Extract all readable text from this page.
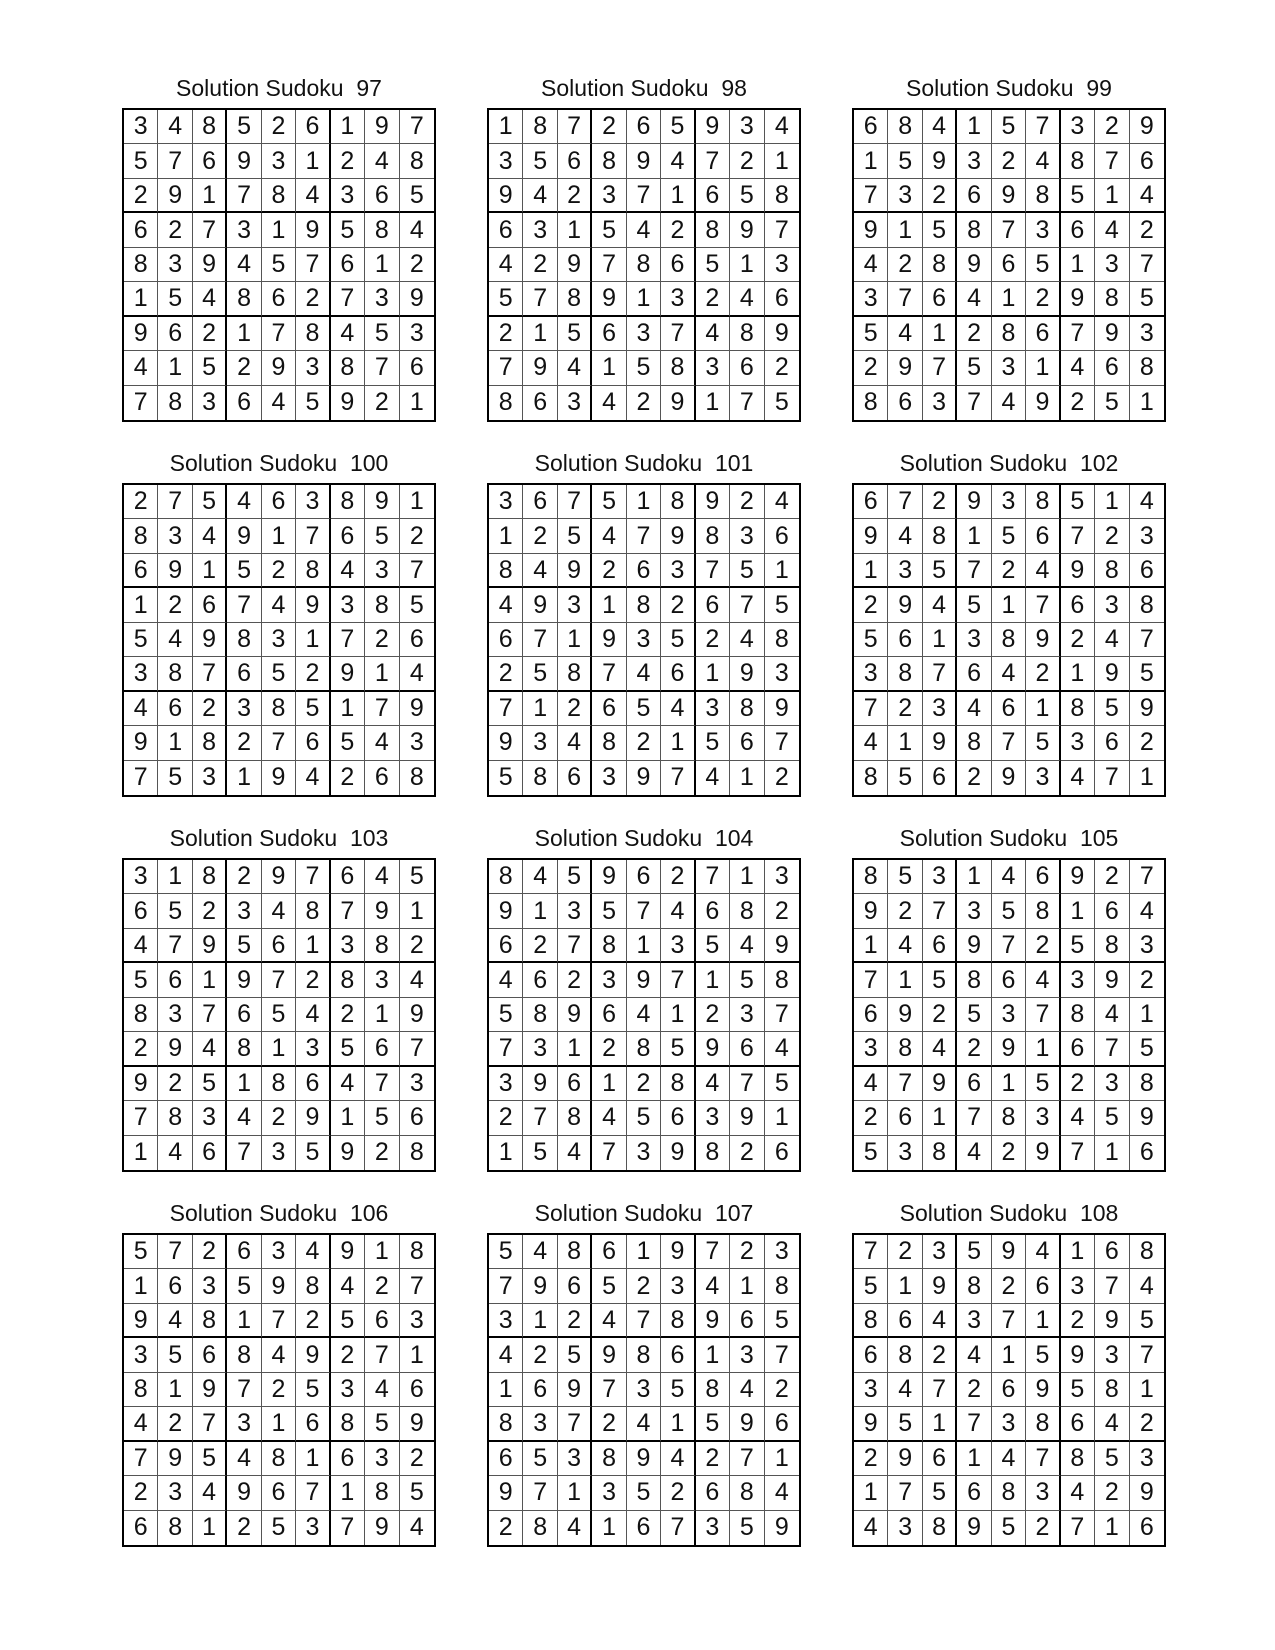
Solution Sudoku  97
3 4 8 5 2 6 1 9 7
5 7 6 9 3 1 2 4 8
2 9 1 7 8 4 3 6 5
6 2 7 3 1 9 5 8 4
8 3 9 4 5 7 6 1 2
1 5 4 8 6 2 7 3 9
9 6 2 1 7 8 4 5 3
4 1 5 2 9 3 8 7 6
7 8 3 6 4 5 9 2 1
Solution Sudoku  98
1 8 7 2 6 5 9 3 4
3 5 6 8 9 4 7 2 1
9 4 2 3 7 1 6 5 8
6 3 1 5 4 2 8 9 7
4 2 9 7 8 6 5 1 3
5 7 8 9 1 3 2 4 6
2 1 5 6 3 7 4 8 9
7 9 4 1 5 8 3 6 2
8 6 3 4 2 9 1 7 5
Solution Sudoku  99
6 8 4 1 5 7 3 2 9
1 5 9 3 2 4 8 7 6
7 3 2 6 9 8 5 1 4
9 1 5 8 7 3 6 4 2
4 2 8 9 6 5 1 3 7
3 7 6 4 1 2 9 8 5
5 4 1 2 8 6 7 9 3
2 9 7 5 3 1 4 6 8
8 6 3 7 4 9 2 5 1
Solution Sudoku  100
2 7 5 4 6 3 8 9 1
8 3 4 9 1 7 6 5 2
6 9 1 5 2 8 4 3 7
1 2 6 7 4 9 3 8 5
5 4 9 8 3 1 7 2 6
3 8 7 6 5 2 9 1 4
4 6 2 3 8 5 1 7 9
9 1 8 2 7 6 5 4 3
7 5 3 1 9 4 2 6 8
Solution Sudoku  101
3 6 7 5 1 8 9 2 4
1 2 5 4 7 9 8 3 6
8 4 9 2 6 3 7 5 1
4 9 3 1 8 2 6 7 5
6 7 1 9 3 5 2 4 8
2 5 8 7 4 6 1 9 3
7 1 2 6 5 4 3 8 9
9 3 4 8 2 1 5 6 7
5 8 6 3 9 7 4 1 2
Solution Sudoku  102
6 7 2 9 3 8 5 1 4
9 4 8 1 5 6 7 2 3
1 3 5 7 2 4 9 8 6
2 9 4 5 1 7 6 3 8
5 6 1 3 8 9 2 4 7
3 8 7 6 4 2 1 9 5
7 2 3 4 6 1 8 5 9
4 1 9 8 7 5 3 6 2
8 5 6 2 9 3 4 7 1
Solution Sudoku  103
3 1 8 2 9 7 6 4 5
6 5 2 3 4 8 7 9 1
4 7 9 5 6 1 3 8 2
5 6 1 9 7 2 8 3 4
8 3 7 6 5 4 2 1 9
2 9 4 8 1 3 5 6 7
9 2 5 1 8 6 4 7 3
7 8 3 4 2 9 1 5 6
1 4 6 7 3 5 9 2 8
Solution Sudoku  104
8 4 5 9 6 2 7 1 3
9 1 3 5 7 4 6 8 2
6 2 7 8 1 3 5 4 9
4 6 2 3 9 7 1 5 8
5 8 9 6 4 1 2 3 7
7 3 1 2 8 5 9 6 4
3 9 6 1 2 8 4 7 5
2 7 8 4 5 6 3 9 1
1 5 4 7 3 9 8 2 6
Solution Sudoku  105
8 5 3 1 4 6 9 2 7
9 2 7 3 5 8 1 6 4
1 4 6 9 7 2 5 8 3
7 1 5 8 6 4 3 9 2
6 9 2 5 3 7 8 4 1
3 8 4 2 9 1 6 7 5
4 7 9 6 1 5 2 3 8
2 6 1 7 8 3 4 5 9
5 3 8 4 2 9 7 1 6
Solution Sudoku  106
5 7 2 6 3 4 9 1 8
1 6 3 5 9 8 4 2 7
9 4 8 1 7 2 5 6 3
3 5 6 8 4 9 2 7 1
8 1 9 7 2 5 3 4 6
4 2 7 3 1 6 8 5 9
7 9 5 4 8 1 6 3 2
2 3 4 9 6 7 1 8 5
6 8 1 2 5 3 7 9 4
Solution Sudoku  107
5 4 8 6 1 9 7 2 3
7 9 6 5 2 3 4 1 8
3 1 2 4 7 8 9 6 5
4 2 5 9 8 6 1 3 7
1 6 9 7 3 5 8 4 2
8 3 7 2 4 1 5 9 6
6 5 3 8 9 4 2 7 1
9 7 1 3 5 2 6 8 4
2 8 4 1 6 7 3 5 9
Solution Sudoku  108
7 2 3 5 9 4 1 6 8
5 1 9 8 2 6 3 7 4
8 6 4 3 7 1 2 9 5
6 8 2 4 1 5 9 3 7
3 4 7 2 6 9 5 8 1
9 5 1 7 3 8 6 4 2
2 9 6 1 4 7 8 5 3
1 7 5 6 8 3 4 2 9
4 3 8 9 5 2 7 1 6
